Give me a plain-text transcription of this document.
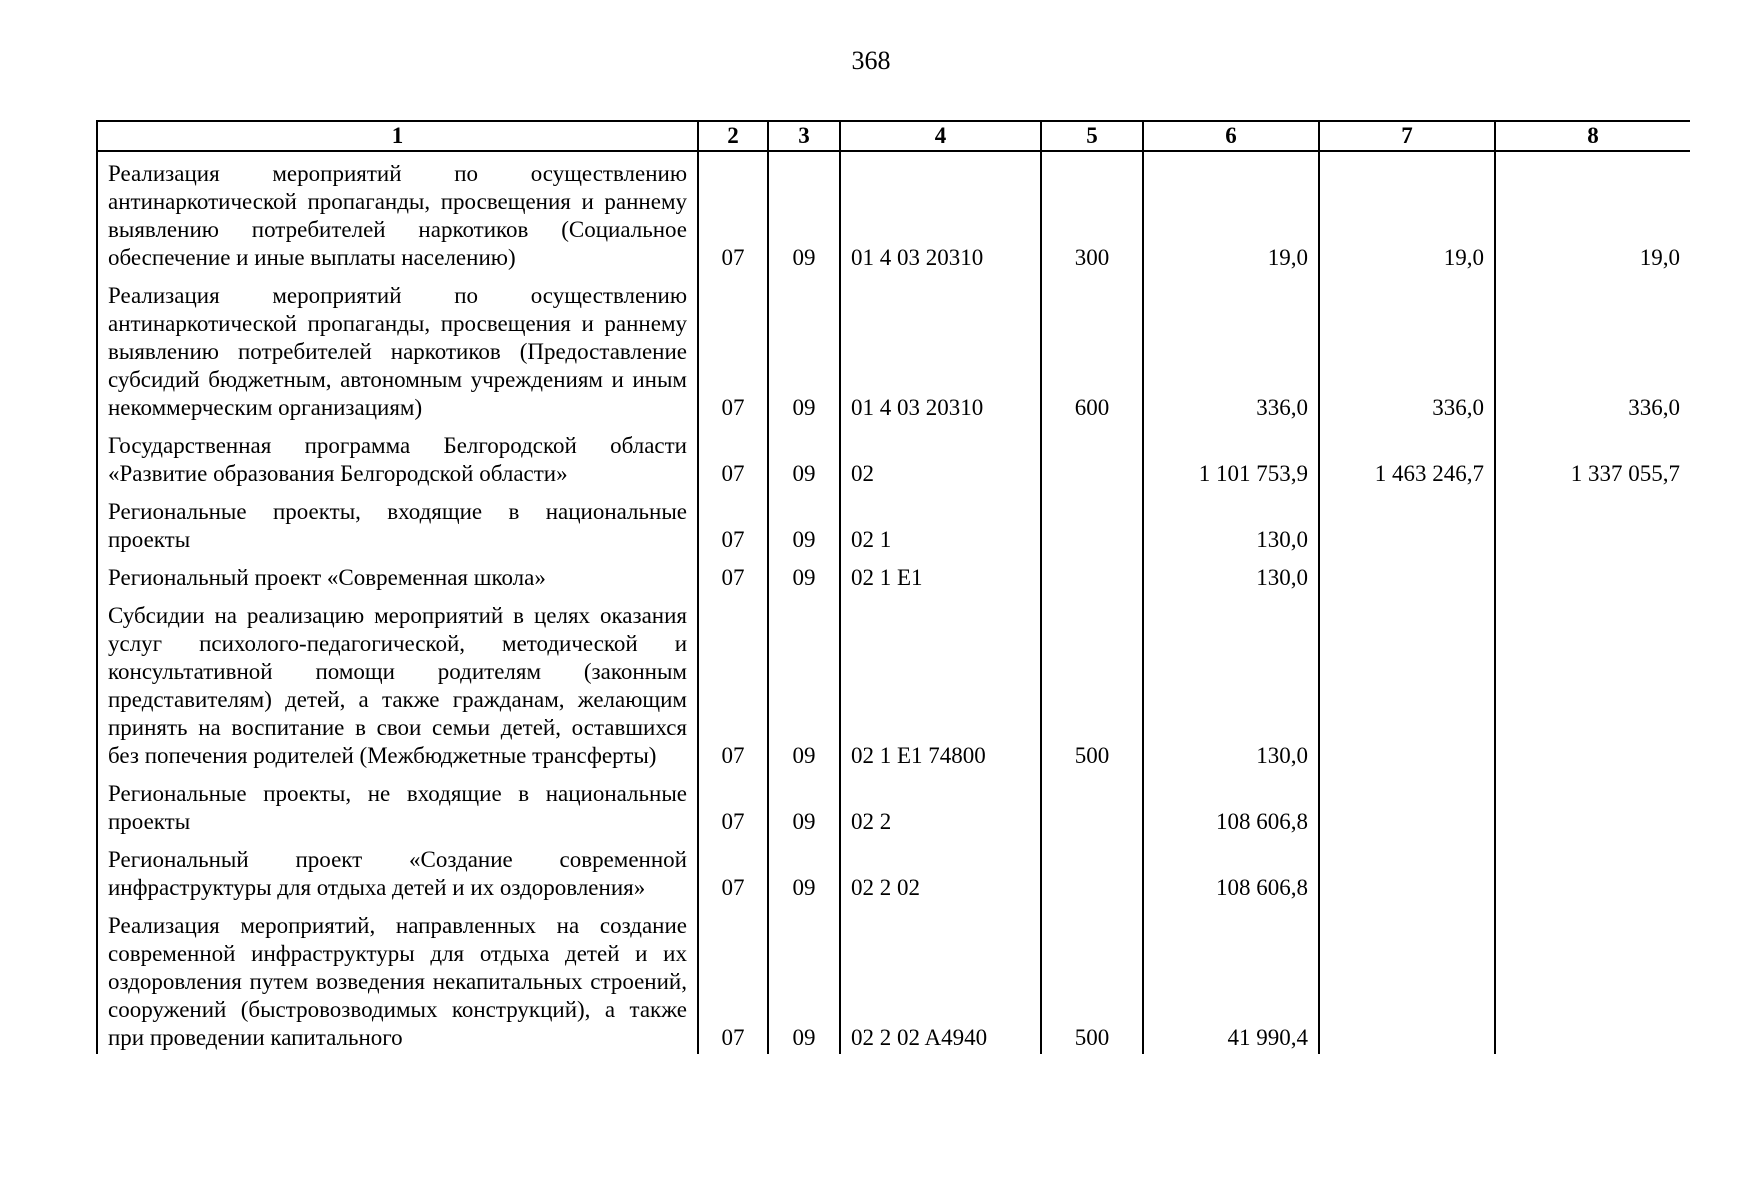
368
1	2	3	4	5	6	7	8
Реализация мероприятий по осуществлению антинаркотической пропаганды, просвещения и раннему выявлению потребителей наркотиков (Социальное обеспечение и иные выплаты населению)	07	09	01 4 03 20310	300	19,0	19,0	19,0
Реализация мероприятий по осуществлению антинаркотической пропаганды, просвещения и раннему выявлению потребителей наркотиков (Предоставление субсидий бюджетным, автономным учреждениям и иным некоммерческим организациям)	07	09	01 4 03 20310	600	336,0	336,0	336,0
Государственная программа Белгородской области «Развитие образования Белгородской области»	07	09	02		1 101 753,9	1 463 246,7	1 337 055,7
Региональные проекты, входящие в национальные проекты	07	09	02 1		130,0		
Региональный проект «Современная школа»	07	09	02 1 E1		130,0		
Субсидии на реализацию мероприятий в целях оказания услуг психолого-педагогической, методической и консультативной помощи родителям (законным представителям) детей, а также гражданам, желающим принять на воспитание в свои семьи детей, оставшихся без попечения родителей (Межбюджетные трансферты)	07	09	02 1 E1 74800	500	130,0		
Региональные проекты, не входящие в национальные проекты	07	09	02 2		108 606,8		
Региональный проект «Создание современной инфраструктуры для отдыха детей и их оздоровления»	07	09	02 2 02		108 606,8		
Реализация мероприятий, направленных на создание современной инфраструктуры для отдыха детей и их оздоровления путем возведения некапитальных строений, сооружений (быстровозводимых конструкций), а также при проведении капитального	07	09	02 2 02 A4940	500	41 990,4		
